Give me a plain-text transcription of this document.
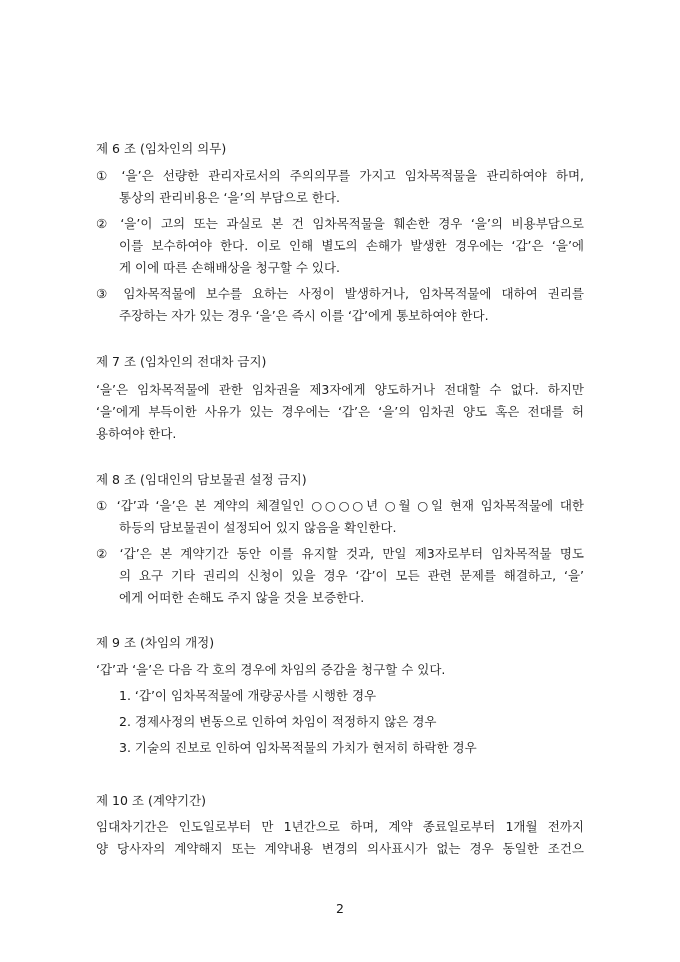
제 6 조 (임차인의 의무)
① ‘을’은 선량한 관리자로서의 주의의무를 가지고 임차목적물을 관리하여야 하며,
통상의 관리비용은 ‘을’의 부담으로 한다.
② ‘을’이 고의 또는 과실로 본 건 임차목적물을 훼손한 경우 ‘을’의 비용부담으로
이를 보수하여야 한다. 이로 인해 별도의 손해가 발생한 경우에는 ‘갑’은 ‘을’에
게 이에 따른 손해배상을 청구할 수 있다.
③ 임차목적물에 보수를 요하는 사정이 발생하거나, 임차목적물에 대하여 권리를
주장하는 자가 있는 경우 ‘을’은 즉시 이를 ‘갑’에게 통보하여야 한다.
제 7 조 (임차인의 전대차 금지)
‘을’은 임차목적물에 관한 임차권을 제3자에게 양도하거나 전대할 수 없다. 하지만
‘을’에게 부득이한 사유가 있는 경우에는 ‘갑’은 ‘을’의 임차권 양도 혹은 전대를 허
용하여야 한다.
제 8 조 (임대인의 담보물권 설정 금지)
① ‘갑’과 ‘을’은 본 계약의 체결일인 ○○○○년 ○월 ○일 현재 임차목적물에 대한
하등의 담보물권이 설정되어 있지 않음을 확인한다.
② ‘갑’은 본 계약기간 동안 이를 유지할 것과, 만일 제3자로부터 임차목적물 명도
의 요구 기타 권리의 신청이 있을 경우 ‘갑’이 모든 관련 문제를 해결하고, ‘을’
에게 어떠한 손해도 주지 않을 것을 보증한다.
제 9 조 (차임의 개정)
‘갑’과 ‘을’은 다음 각 호의 경우에 차임의 증감을 청구할 수 있다.
1. ‘갑’이 임차목적물에 개량공사를 시행한 경우
2. 경제사정의 변동으로 인하여 차임이 적정하지 않은 경우
3. 기술의 진보로 인하여 임차목적물의 가치가 현저히 하락한 경우
제 10 조 (계약기간)
임대차기간은 인도일로부터 만 1년간으로 하며, 계약 종료일로부터 1개월 전까지
양 당사자의 계약해지 또는 계약내용 변경의 의사표시가 없는 경우 동일한 조건으
2
